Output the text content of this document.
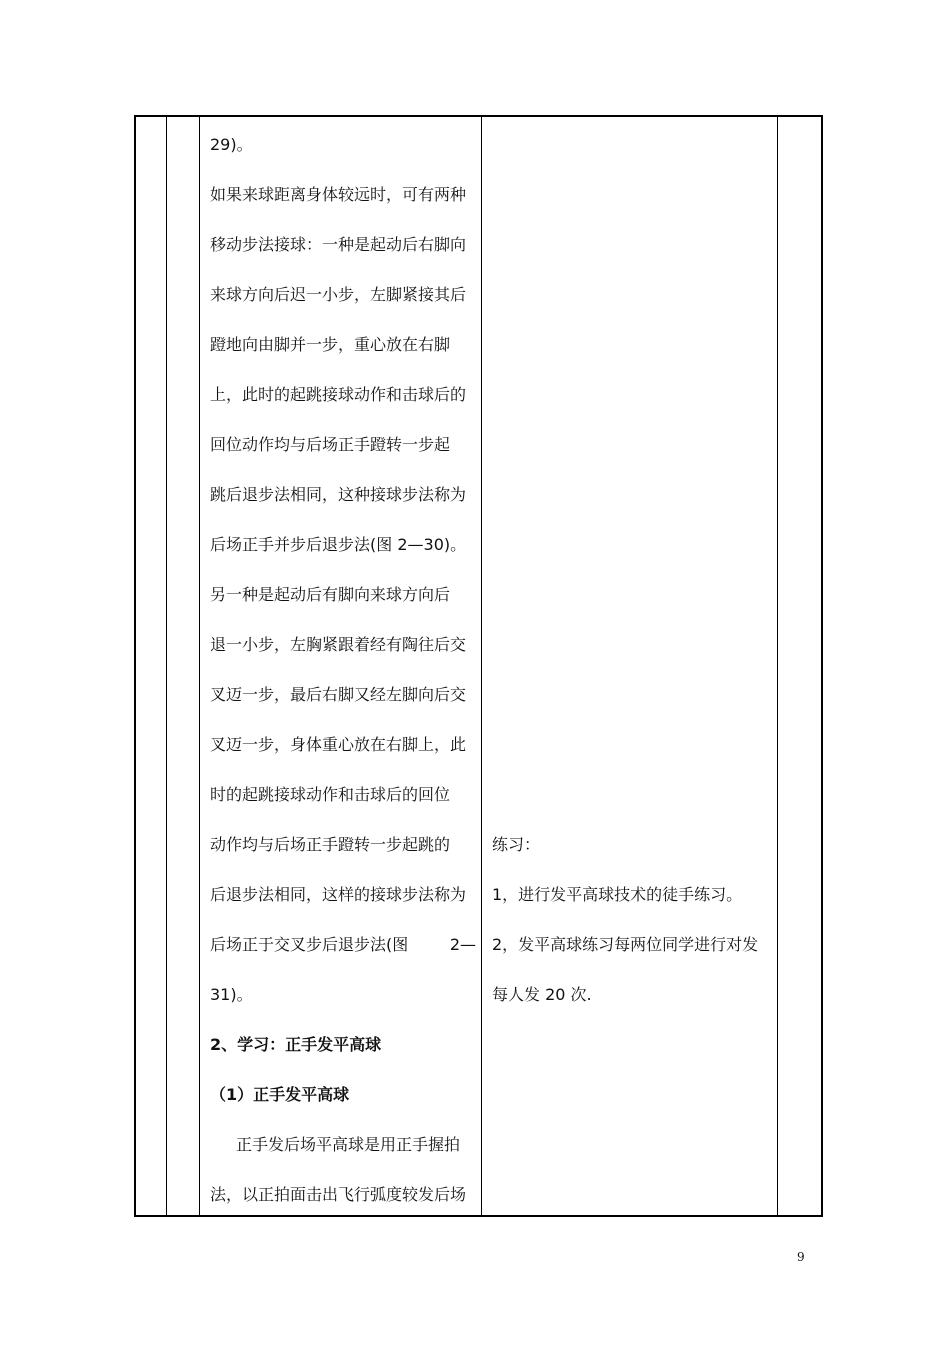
29)。
如果来球距离身体较远时，可有两种
移动步法接球：一种是起动后右脚向
来球方向后迟一小步，左脚紧接其后
蹬地向由脚并一步，重心放在右脚
上，此时的起跳接球动作和击球后的
回位动作均与后场正手蹬转一步起
跳后退步法相同，这种接球步法称为
后场正手并步后退步法(图 2—30)。
另一种是起动后有脚向来球方向后
退一小步，左胸紧跟着经有陶往后交
叉迈一步，最后右脚又经左脚向后交
叉迈一步，身体重心放在右脚上，此
时的起跳接球动作和击球后的回位
动作均与后场正手蹬转一步起跳的
后退步法相同，这样的接球步法称为
后场正于交叉步后退步法(图	2—
31)。
2、学习：正手发平高球
（1）正手发平高球
正手发后场平高球是用正手握拍
法，以正拍面击出飞行弧度较发后场
练习：
1，进行发平高球技术的徒手练习。
2，发平高球练习每两位同学进行对发
每人发 20 次.
9
